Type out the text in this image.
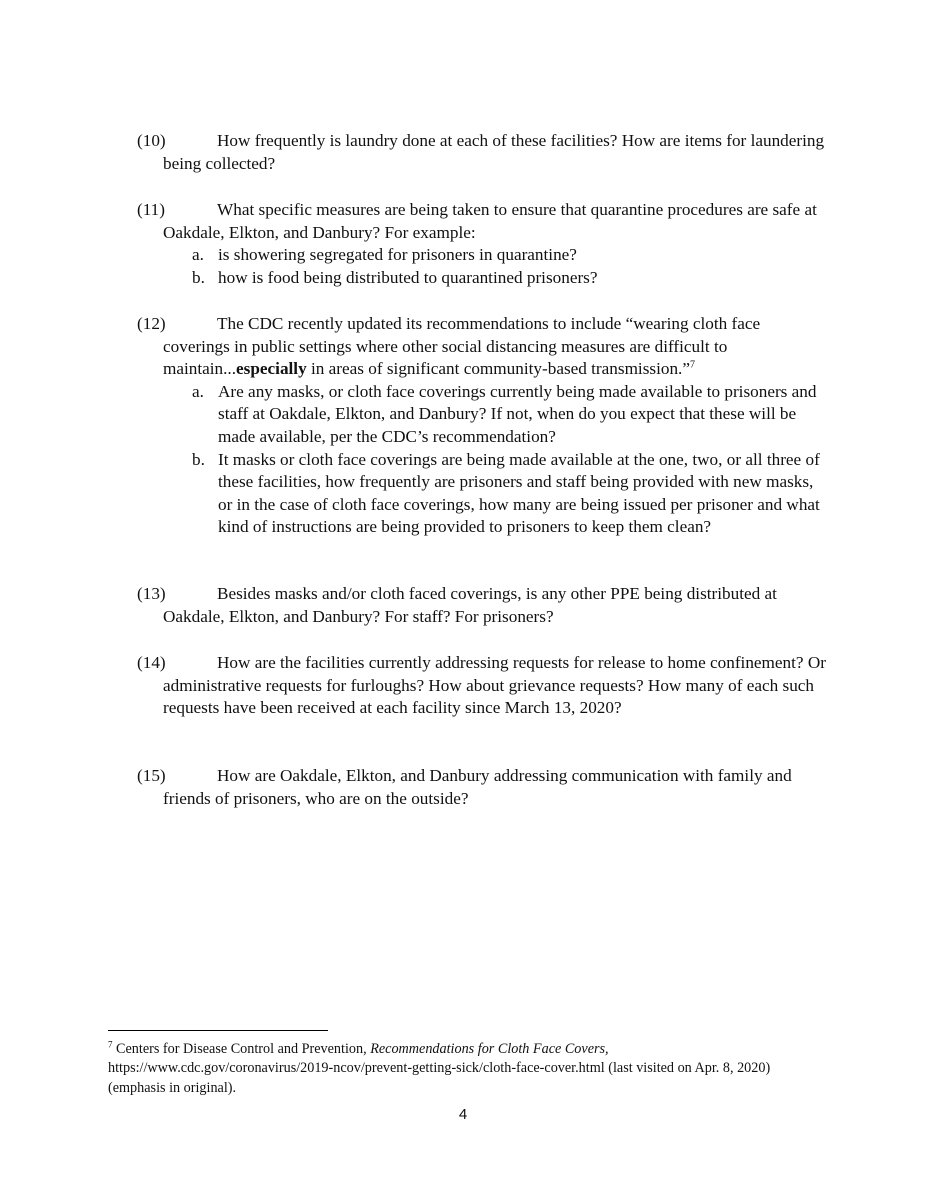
(10)	How frequently is laundry done at each of these facilities? How are items for laundering being collected?
(11)	What specific measures are being taken to ensure that quarantine procedures are safe at Oakdale, Elkton, and Danbury? For example:
a. is showering segregated for prisoners in quarantine?
b. how is food being distributed to quarantined prisoners?
(12)	The CDC recently updated its recommendations to include “wearing cloth face coverings in public settings where other social distancing measures are difficult to maintain...especially in areas of significant community-based transmission.”$^7$
a. Are any masks, or cloth face coverings currently being made available to prisoners and staff at Oakdale, Elkton, and Danbury? If not, when do you expect that these will be made available, per the CDC’s recommendation?
b. It masks or cloth face coverings are being made available at the one, two, or all three of these facilities, how frequently are prisoners and staff being provided with new masks, or in the case of cloth face coverings, how many are being issued per prisoner and what kind of instructions are being provided to prisoners to keep them clean?
(13)	Besides masks and/or cloth faced coverings, is any other PPE being distributed at Oakdale, Elkton, and Danbury? For staff? For prisoners?
(14)	How are the facilities currently addressing requests for release to home confinement? Or administrative requests for furloughs? How about grievance requests? How many of each such requests have been received at each facility since March 13, 2020?
(15)	How are Oakdale, Elkton, and Danbury addressing communication with family and friends of prisoners, who are on the outside?
$^7$ Centers for Disease Control and Prevention, Recommendations for Cloth Face Covers, https://www.cdc.gov/coronavirus/2019-ncov/prevent-getting-sick/cloth-face-cover.html (last visited on Apr. 8, 2020) (emphasis in original).
4
